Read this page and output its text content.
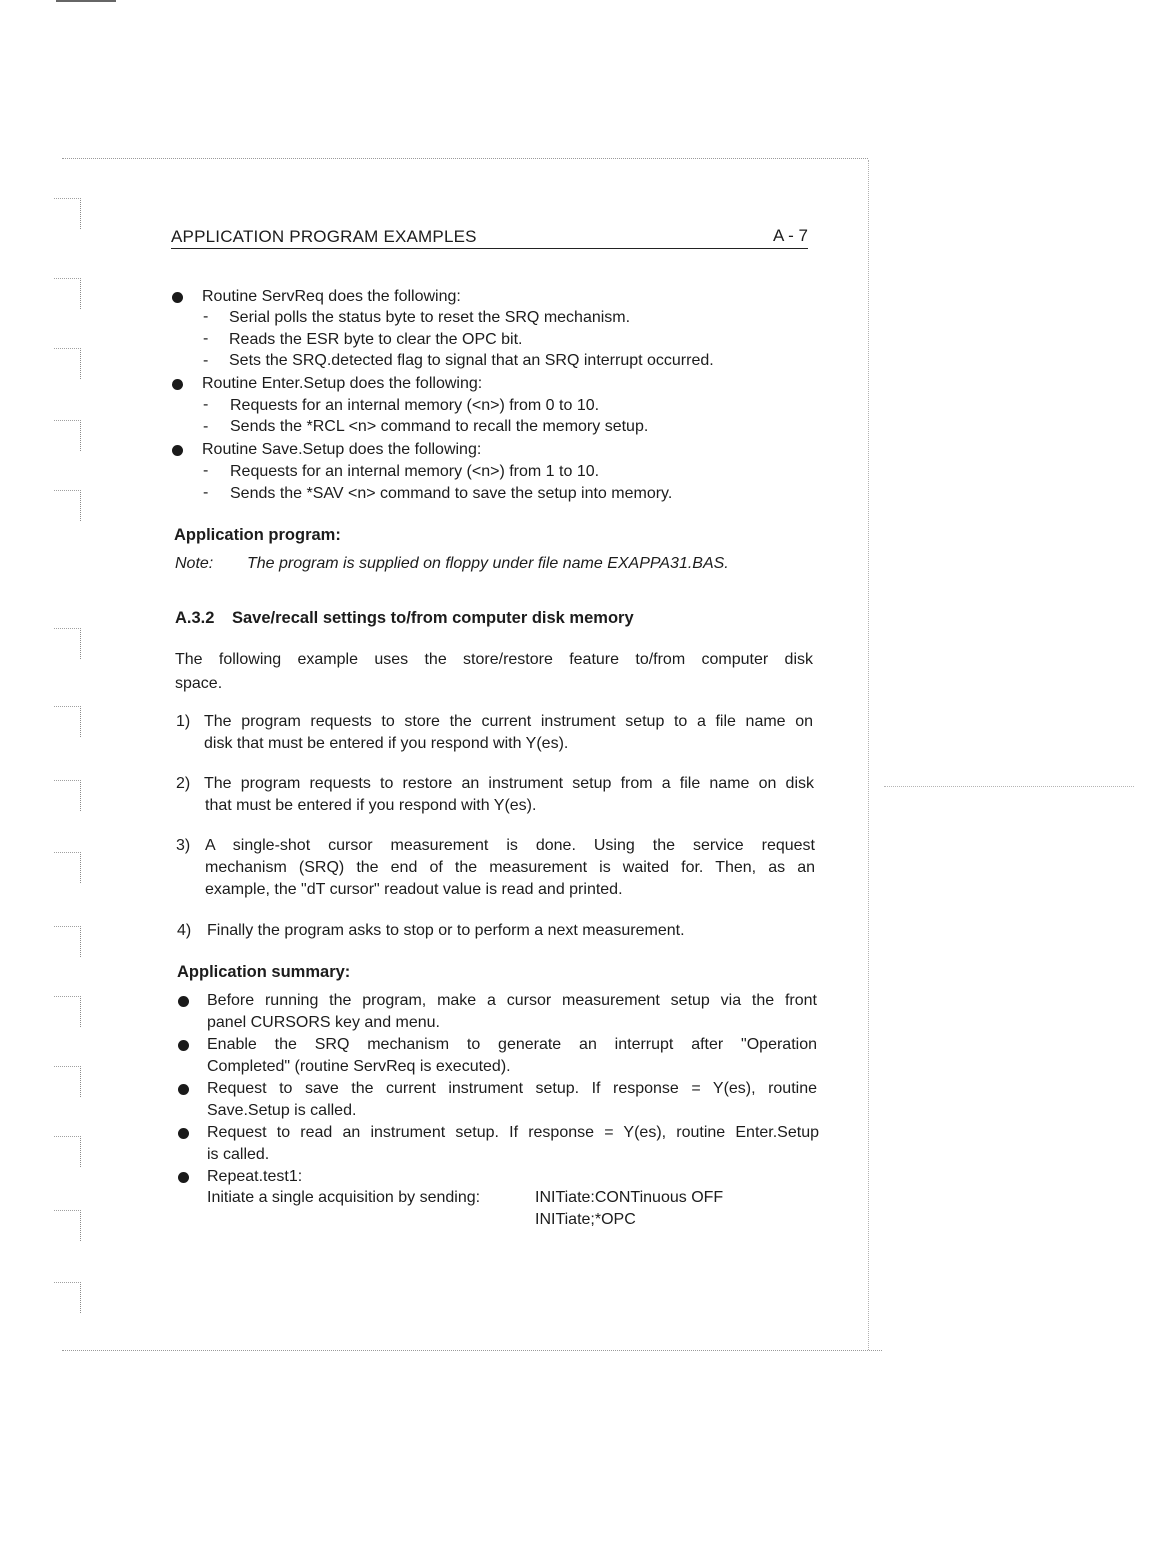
APPLICATION PROGRAM EXAMPLES	A - 7
Routine ServReq does the following:
- Serial polls the status byte to reset the SRQ mechanism.
- Reads the ESR byte to clear the OPC bit.
- Sets the SRQ.detected flag to signal that an SRQ interrupt occurred.
Routine Enter.Setup does the following:
- Requests for an internal memory (<n>) from 0 to 10.
- Sends the *RCL <n> command to recall the memory setup.
Routine Save.Setup does the following:
- Requests for an internal memory (<n>) from 1 to 10.
- Sends the *SAV <n> command to save the setup into memory.
Application program:
Note: The program is supplied on floppy under file name EXAPPA31.BAS.
A.3.2 Save/recall settings to/from computer disk memory
The following example uses the store/restore feature to/from computer disk
space.
1) The program requests to store the current instrument setup to a file name on
disk that must be entered if you respond with Y(es).
2) The program requests to restore an instrument setup from a file name on disk
that must be entered if you respond with Y(es).
3) A single-shot cursor measurement is done. Using the service request
mechanism (SRQ) the end of the measurement is waited for. Then, as an
example, the "dT cursor" readout value is read and printed.
4) Finally the program asks to stop or to perform a next measurement.
Application summary:
Before running the program, make a cursor measurement setup via the front
panel CURSORS key and menu.
Enable the SRQ mechanism to generate an interrupt after "Operation
Completed" (routine ServReq is executed).
Request to save the current instrument setup. If response = Y(es), routine
Save.Setup is called.
Request to read an instrument setup. If response = Y(es), routine Enter.Setup
is called.
Repeat.test1:
Initiate a single acquisition by sending:	INITiate:CONTinuous OFF
INITiate;*OPC
